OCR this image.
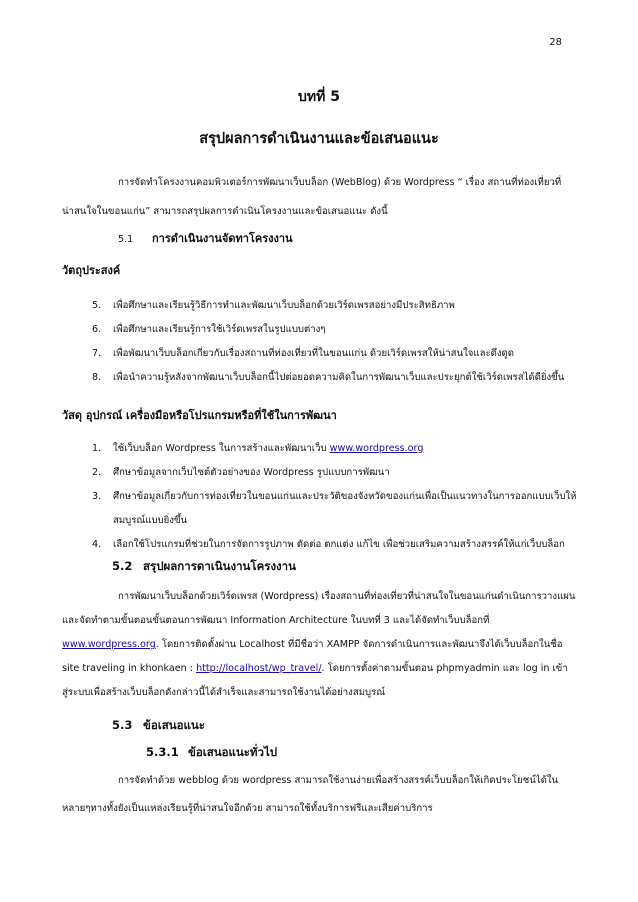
28
บทที่ 5
สรุปผลการดำเนินงานและข้อเสนอแนะ
การจัดทำโครงงานคอมพิวเตอร์การพัฒนาเว็บบล็อก (WebBlog) ด้วย Wordpress “ เรื่อง สถานที่ท่องเที่ยวที่
น่าสนใจในขอนแก่น” สามารถสรุปผลการดำเนินโครงงานและข้อเสนอแนะ ดังนี้
5.1 การดำเนินงานจัดทาโครงงาน
วัตถุประสงค์
5. เพื่อศึกษาและเรียนรู้วิธีการทำและพัฒนาเว็บบล็อกด้วยเวิร์ดเพรสอย่างมีประสิทธิภาพ
6. เพื่อศึกษาและเรียนรู้การใช้เวิร์ดเพรสในรูปแบบต่างๆ
7. เพื่อพัฒนาเว็บบล็อกเกี่ยวกับเรื่องสถานที่ท่องเที่ยวที่ในขอนแก่น ด้วยเวิร์ดเพรสให้น่าสนใจและดึงดูด
8. เพื่อนำความรู้หลังจากพัฒนาเว็บบล็อกนี้ไปต่อยอดความคิดในการพัฒนาเว็บและประยุกต์ใช้เวิร์ดเพรสได้ดียิ่งขึ้น
วัสดุ อุปกรณ์ เครื่องมือหรือโปรแกรมหรือที่ใช้ในการพัฒนา
1. ใช้เว็บบล็อก Wordpress ในการสร้างและพัฒนาเว็บ www.wordpress.org
2. ศึกษาข้อมูลจากเว็บไซต์ตัวอย่างของ Wordpress รูปแบบการพัฒนา
3. ศึกษาข้อมูลเกี่ยวกับการท่องเที่ยวในขอนแก่นและประวัติของจังหวัดของแก่นเพื่อเป็นแนวทางในการออกแบบเว็บให้
สมบูรณ์แบบยิ่งขึ้น
4. เลือกใช้โปรแกรมที่ช่วยในการจัดการรูปภาพ ตัดต่อ ตกแต่ง แก้ไข เพื่อช่วยเสริมความสร้างสรรค์ให้แก่เว็บบล็อก
5.2 สรุปผลการดาเนินงานโครงงาน
การพัฒนาเว็บบล็อกด้วยเวิร์ดเพรส (Wordpress) เรื่องสถานที่ท่องเที่ยวที่น่าสนใจในขอนแก่นดำเนินการวางแผน
และจัดทำตามขั้นตอนขั้นตอนการพัฒนา Information Architecture ในบทที่ 3 และได้จัดทำเว็บบล็อกที่
www.wordpress.org. โดยการติดตั้งผ่าน Localhost ที่มีชื่อว่า XAMPP จัดการดำเนินการและพัฒนาจึงได้เว็บบล็อกในชื่อ
site traveling in khonkaen : http://localhost/wp_travel/. โดยการตั้งค่าตามขั้นตอน phpmyadmin และ log in เข้า
สู่ระบบเพื่อสร้างเว็บบล็อกดังกล่าวนี้ได้สำเร็จและสามารถใช้งานได้อย่างสมบูรณ์
5.3 ข้อเสนอแนะ
5.3.1 ข้อเสนอแนะทั่วไป
การจัดทำด้วย webblog ด้วย wordpress สามารถใช้งานง่ายเพื่อสร้างสรรค์เว็บบล็อกให้เกิดประโยชน์ได้ใน
หลายๆทางทั้งยังเป็นแหล่งเรียนรู้ที่น่าสนใจอีกด้วย สามารถใช้ทั้งบริการฟรีและเสียค่าบริการ
